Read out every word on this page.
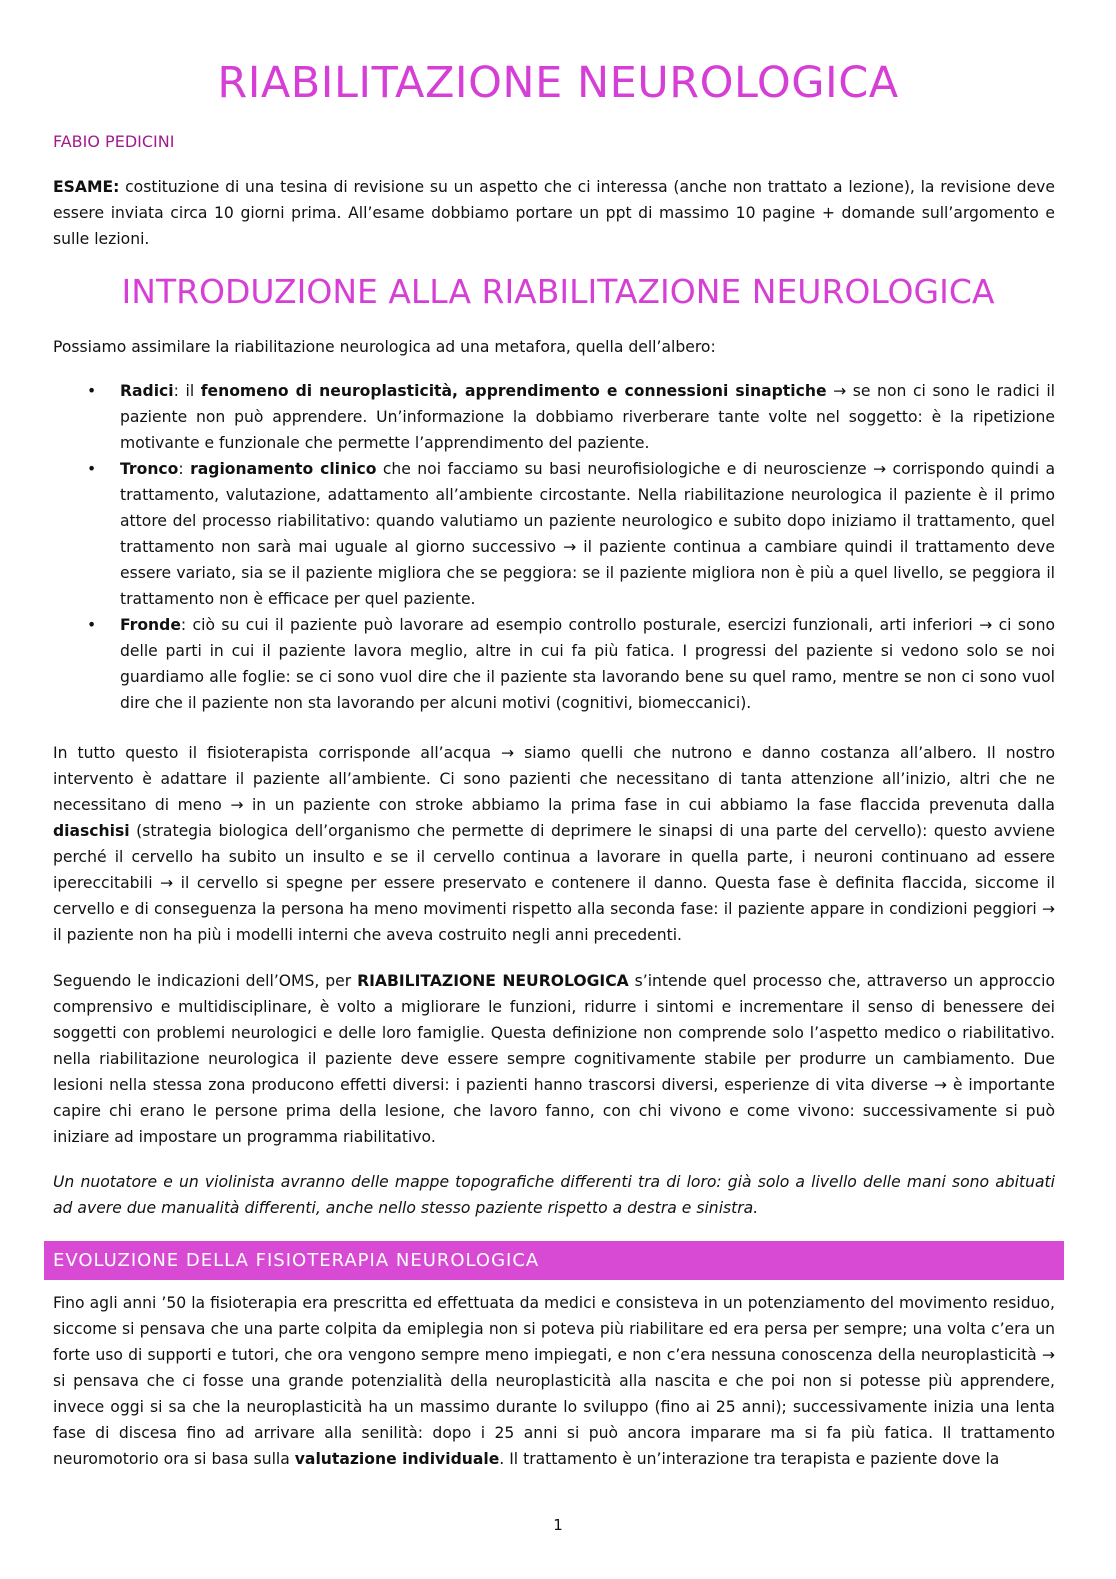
RIABILITAZIONE NEUROLOGICA

FABIO PEDICINI

ESAME: costituzione di una tesina di revisione su un aspetto che ci interessa (anche non trattato a lezione), la revisione deve essere inviata circa 10 giorni prima. All’esame dobbiamo portare un ppt di massimo 10 pagine + domande sull’argomento e sulle lezioni.

INTRODUZIONE ALLA RIABILITAZIONE NEUROLOGICA

Possiamo assimilare la riabilitazione neurologica ad una metafora, quella dell’albero:

• Radici: il fenomeno di neuroplasticità, apprendimento e connessioni sinaptiche → se non ci sono le radici il paziente non può apprendere. Un’informazione la dobbiamo riverberare tante volte nel soggetto: è la ripetizione motivante e funzionale che permette l’apprendimento del paziente.
• Tronco: ragionamento clinico che noi facciamo su basi neurofisiologiche e di neuroscienze → corrispondo quindi a trattamento, valutazione, adattamento all’ambiente circostante. Nella riabilitazione neurologica il paziente è il primo attore del processo riabilitativo: quando valutiamo un paziente neurologico e subito dopo iniziamo il trattamento, quel trattamento non sarà mai uguale al giorno successivo → il paziente continua a cambiare quindi il trattamento deve essere variato, sia se il paziente migliora che se peggiora: se il paziente migliora non è più a quel livello, se peggiora il trattamento non è efficace per quel paziente.
• Fronde: ciò su cui il paziente può lavorare ad esempio controllo posturale, esercizi funzionali, arti inferiori → ci sono delle parti in cui il paziente lavora meglio, altre in cui fa più fatica. I progressi del paziente si vedono solo se noi guardiamo alle foglie: se ci sono vuol dire che il paziente sta lavorando bene su quel ramo, mentre se non ci sono vuol dire che il paziente non sta lavorando per alcuni motivi (cognitivi, biomeccanici).

In tutto questo il fisioterapista corrisponde all’acqua → siamo quelli che nutrono e danno costanza all’albero. Il nostro intervento è adattare il paziente all’ambiente. Ci sono pazienti che necessitano di tanta attenzione all’inizio, altri che ne necessitano di meno → in un paziente con stroke abbiamo la prima fase in cui abbiamo la fase flaccida prevenuta dalla diaschisi (strategia biologica dell’organismo che permette di deprimere le sinapsi di una parte del cervello): questo avviene perché il cervello ha subito un insulto e se il cervello continua a lavorare in quella parte, i neuroni continuano ad essere ipereccitabili → il cervello si spegne per essere preservato e contenere il danno. Questa fase è definita flaccida, siccome il cervello e di conseguenza la persona ha meno movimenti rispetto alla seconda fase: il paziente appare in condizioni peggiori → il paziente non ha più i modelli interni che aveva costruito negli anni precedenti.

Seguendo le indicazioni dell’OMS, per RIABILITAZIONE NEUROLOGICA s’intende quel processo che, attraverso un approccio comprensivo e multidisciplinare, è volto a migliorare le funzioni, ridurre i sintomi e incrementare il senso di benessere dei soggetti con problemi neurologici e delle loro famiglie. Questa definizione non comprende solo l’aspetto medico o riabilitativo. nella riabilitazione neurologica il paziente deve essere sempre cognitivamente stabile per produrre un cambiamento. Due lesioni nella stessa zona producono effetti diversi: i pazienti hanno trascorsi diversi, esperienze di vita diverse → è importante capire chi erano le persone prima della lesione, che lavoro fanno, con chi vivono e come vivono: successivamente si può iniziare ad impostare un programma riabilitativo.

Un nuotatore e un violinista avranno delle mappe topografiche differenti tra di loro: già solo a livello delle mani sono abituati ad avere due manualità differenti, anche nello stesso paziente rispetto a destra e sinistra.

EVOLUZIONE DELLA FISIOTERAPIA NEUROLOGICA

Fino agli anni ’50 la fisioterapia era prescritta ed effettuata da medici e consisteva in un potenziamento del movimento residuo, siccome si pensava che una parte colpita da emiplegia non si poteva più riabilitare ed era persa per sempre; una volta c’era un forte uso di supporti e tutori, che ora vengono sempre meno impiegati, e non c’era nessuna conoscenza della neuroplasticità → si pensava che ci fosse una grande potenzialità della neuroplasticità alla nascita e che poi non si potesse più apprendere, invece oggi si sa che la neuroplasticità ha un massimo durante lo sviluppo (fino ai 25 anni); successivamente inizia una lenta fase di discesa fino ad arrivare alla senilità: dopo i 25 anni si può ancora imparare ma si fa più fatica. Il trattamento neuromotorio ora si basa sulla valutazione individuale. Il trattamento è un’interazione tra terapista e paziente dove la

1
